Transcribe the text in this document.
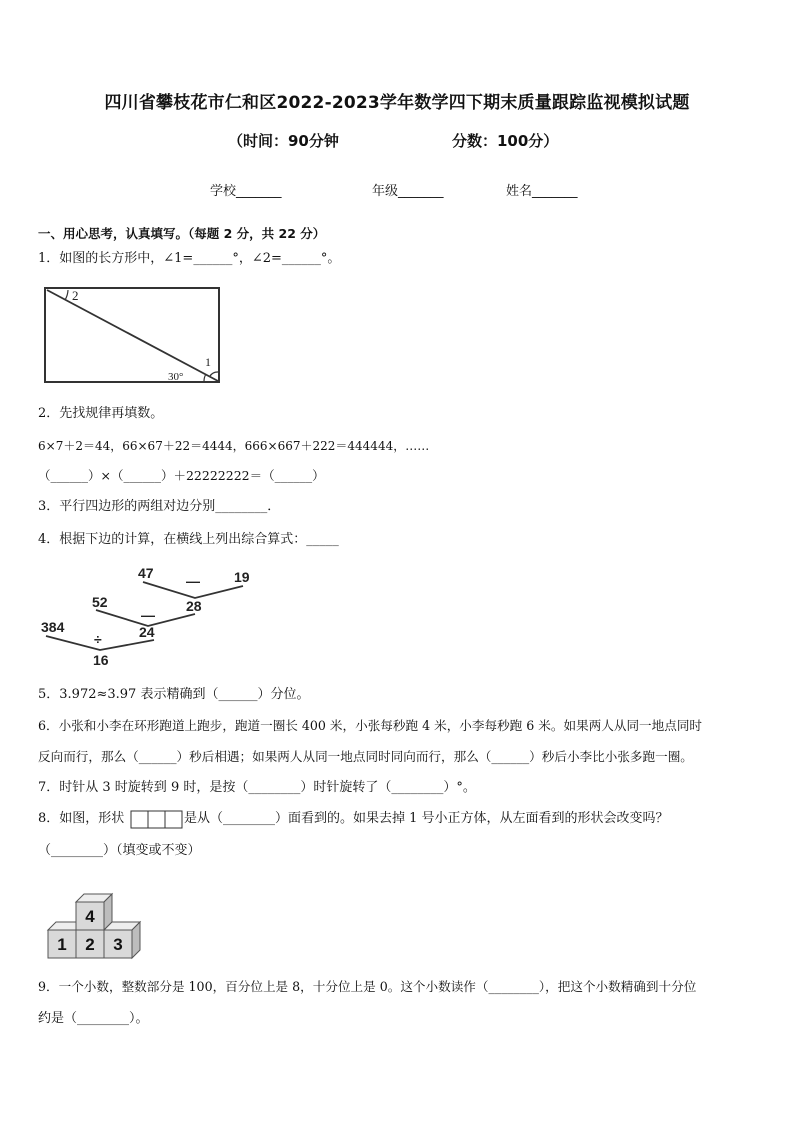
四川省攀枝花市仁和区2022-2023学年数学四下期末质量跟踪监视模拟试题
（时间：90分钟	分数：100分）
学校_______	年级_______	姓名_______
一、用心思考，认真填写。（每题 2 分，共 22 分）
1．如图的长方形中，∠1=______°，∠2=______°。
2
1
30°
2．先找规律再填数。
6×7＋2＝44，66×67＋22＝4444，666×667＋222＝444444，……
（______）×（______）＋22222222＝（______）
3．平行四边形的两组对边分别________．
4．根据下边的计算，在横线上列出综合算式：_____
47 — 19
52	28
—
384
÷	24
16
5．3.972≈3.97 表示精确到（______）分位。
6．小张和小李在环形跑道上跑步，跑道一圈长 400 米，小张每秒跑 4 米，小李每秒跑 6 米。如果两人从同一地点同时
反向而行，那么（______）秒后相遇；如果两人从同一地点同时同向而行，那么（______）秒后小李比小张多跑一圈。
7．时针从 3 时旋转到 9 时，是按（________）时针旋转了（________）°。
8．如图，形状	是从（________）面看到的。如果去掉 1 号小正方体，从左面看到的形状会改变吗？
（________）（填变或不变）
4
1 2 3
9．一个小数，整数部分是 100，百分位上是 8，十分位上是 0。这个小数读作（________），把这个小数精确到十分位
约是（________）。
